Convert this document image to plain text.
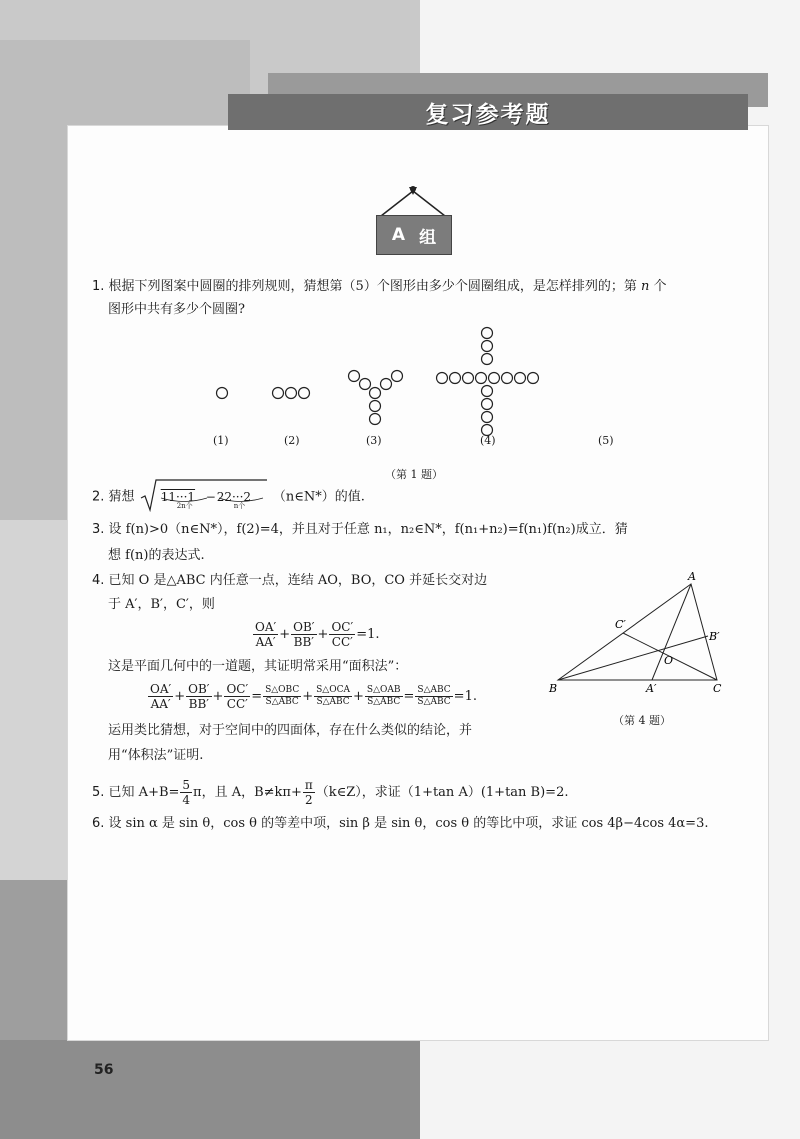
复习参考题
A 组
1. 根据下列图案中圆圈的排列规则，猜想第（5）个图形由多少个圆圈组成，是怎样排列的；第 n 个
图形中共有多少个圆圈?
(1)	(2)	(3)	(4)	(5)
（第 1 题）
2. 猜想 11···1 − 22···2
2n个	n个
（n∈N*）的值.
3. 设 f(n)>0（n∈N*），f(2)=4，并且对于任意 n₁，n₂∈N*，f(n₁+n₂)=f(n₁)f(n₂)成立．猜
想 f(n)的表达式.
4. 已知 O 是△ABC 内任意一点，连结 AO，BO，CO 并延长交对边
于 A′，B′，C′，则
$\frac{OA'}{AA'} + \frac{OB'}{BB'} + \frac{OC'}{CC'} =1$.
这是平面几何中的一道题，其证明常采用“面积法”：
$\frac{OA'}{AA'} + \frac{OB'}{BB'} + \frac{OC'}{CC'} = \frac{\text{S△OBC}}{\text{S△ABC}} + \frac{\text{S△OCA}}{\text{S△ABC}} + \frac{\text{S△OAB}}{\text{S△ABC}} = \frac{\text{S△ABC}}{\text{S△ABC}} =1$.
运用类比猜想，对于空间中的四面体，存在什么类似的结论，并
用“体积法”证明.
A
B	C
O
A′
B′
C′
（第 4 题）
5. 已知 $A+B= \frac{5}{4}$ π，且 A，$B\ne k\pi+ \frac{\pi}{2}$ （k∈Z），求证（1+tan A）(1+tan B)=2.
6. 设 sin α 是 sin θ，cos θ 的等差中项，sin β 是 sin θ，cos θ 的等比中项，求证 cos 4β−4cos 4α=3.
56
